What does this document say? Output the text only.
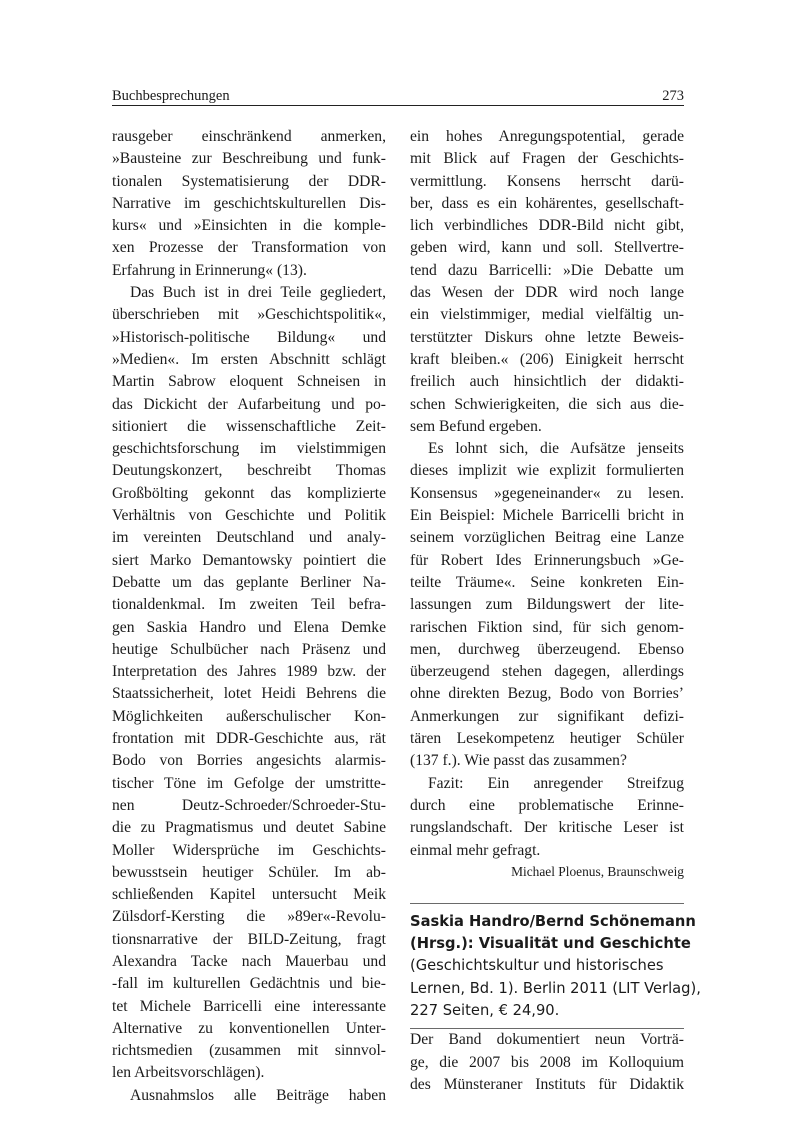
Buchbesprechungen	273

rausgeber einschränkend anmerken,
»Bausteine zur Beschreibung und funk-
tionalen Systematisierung der DDR-
Narrative im geschichtskulturellen Dis-
kurs« und »Einsichten in die komple-
xen Prozesse der Transformation von
Erfahrung in Erinnerung« (13).

Das Buch ist in drei Teile gegliedert,
überschrieben mit »Geschichtspolitik«,
»Historisch-politische Bildung« und
»Medien«. Im ersten Abschnitt schlägt
Martin Sabrow eloquent Schneisen in
das Dickicht der Aufarbeitung und po-
sitioniert die wissenschaftliche Zeit-
geschichtsforschung im vielstimmigen
Deutungskonzert, beschreibt Thomas
Großbölting gekonnt das komplizierte
Verhältnis von Geschichte und Politik
im vereinten Deutschland und analy-
siert Marko Demantowsky pointiert die
Debatte um das geplante Berliner Na-
tionaldenkmal. Im zweiten Teil befra-
gen Saskia Handro und Elena Demke
heutige Schulbücher nach Präsenz und
Interpretation des Jahres 1989 bzw. der
Staatssicherheit, lotet Heidi Behrens die
Möglichkeiten außerschulischer Kon-
frontation mit DDR-Geschichte aus, rät
Bodo von Borries angesichts alarmis-
tischer Töne im Gefolge der umstritte-
nen Deutz-Schroeder/Schroeder-Stu-
die zu Pragmatismus und deutet Sabine
Moller Widersprüche im Geschichts-
bewusstsein heutiger Schüler. Im ab-
schließenden Kapitel untersucht Meik
Zülsdorf-Kersting die »89er«-Revolu-
tionsnarrative der BILD-Zeitung, fragt
Alexandra Tacke nach Mauerbau und
-fall im kulturellen Gedächtnis und bie-
tet Michele Barricelli eine interessante
Alternative zu konventionellen Unter-
richtsmedien (zusammen mit sinnvol-
len Arbeitsvorschlägen).

Ausnahmslos alle Beiträge haben

ein hohes Anregungspotential, gerade
mit Blick auf Fragen der Geschichts-
vermittlung. Konsens herrscht darü-
ber, dass es ein kohärentes, gesellschaft-
lich verbindliches DDR-Bild nicht gibt,
geben wird, kann und soll. Stellvertre-
tend dazu Barricelli: »Die Debatte um
das Wesen der DDR wird noch lange
ein vielstimmiger, medial vielfältig un-
terstützter Diskurs ohne letzte Beweis-
kraft bleiben.« (206) Einigkeit herrscht
freilich auch hinsichtlich der didakti-
schen Schwierigkeiten, die sich aus die-
sem Befund ergeben.

Es lohnt sich, die Aufsätze jenseits
dieses implizit wie explizit formulierten
Konsensus »gegeneinander« zu lesen.
Ein Beispiel: Michele Barricelli bricht in
seinem vorzüglichen Beitrag eine Lanze
für Robert Ides Erinnerungsbuch »Ge-
teilte Träume«. Seine konkreten Ein-
lassungen zum Bildungswert der lite-
rarischen Fiktion sind, für sich genom-
men, durchweg überzeugend. Ebenso
überzeugend stehen dagegen, allerdings
ohne direkten Bezug, Bodo von Borries’
Anmerkungen zur signifikant defizi-
tären Lesekompetenz heutiger Schüler
(137 f.). Wie passt das zusammen?

Fazit: Ein anregender Streifzug
durch eine problematische Erinne-
rungslandschaft. Der kritische Leser ist
einmal mehr gefragt.

Michael Ploenus, Braunschweig
Saskia Handro/Bernd Schönemann
(Hrsg.): Visualität und Geschichte
(Geschichtskultur und historisches
Lernen, Bd. 1). Berlin 2011 (LIT Verlag),
227 Seiten, € 24,90.

Der Band dokumentiert neun Vorträ-
ge, die 2007 bis 2008 im Kolloquium
des Münsteraner Instituts für Didaktik
